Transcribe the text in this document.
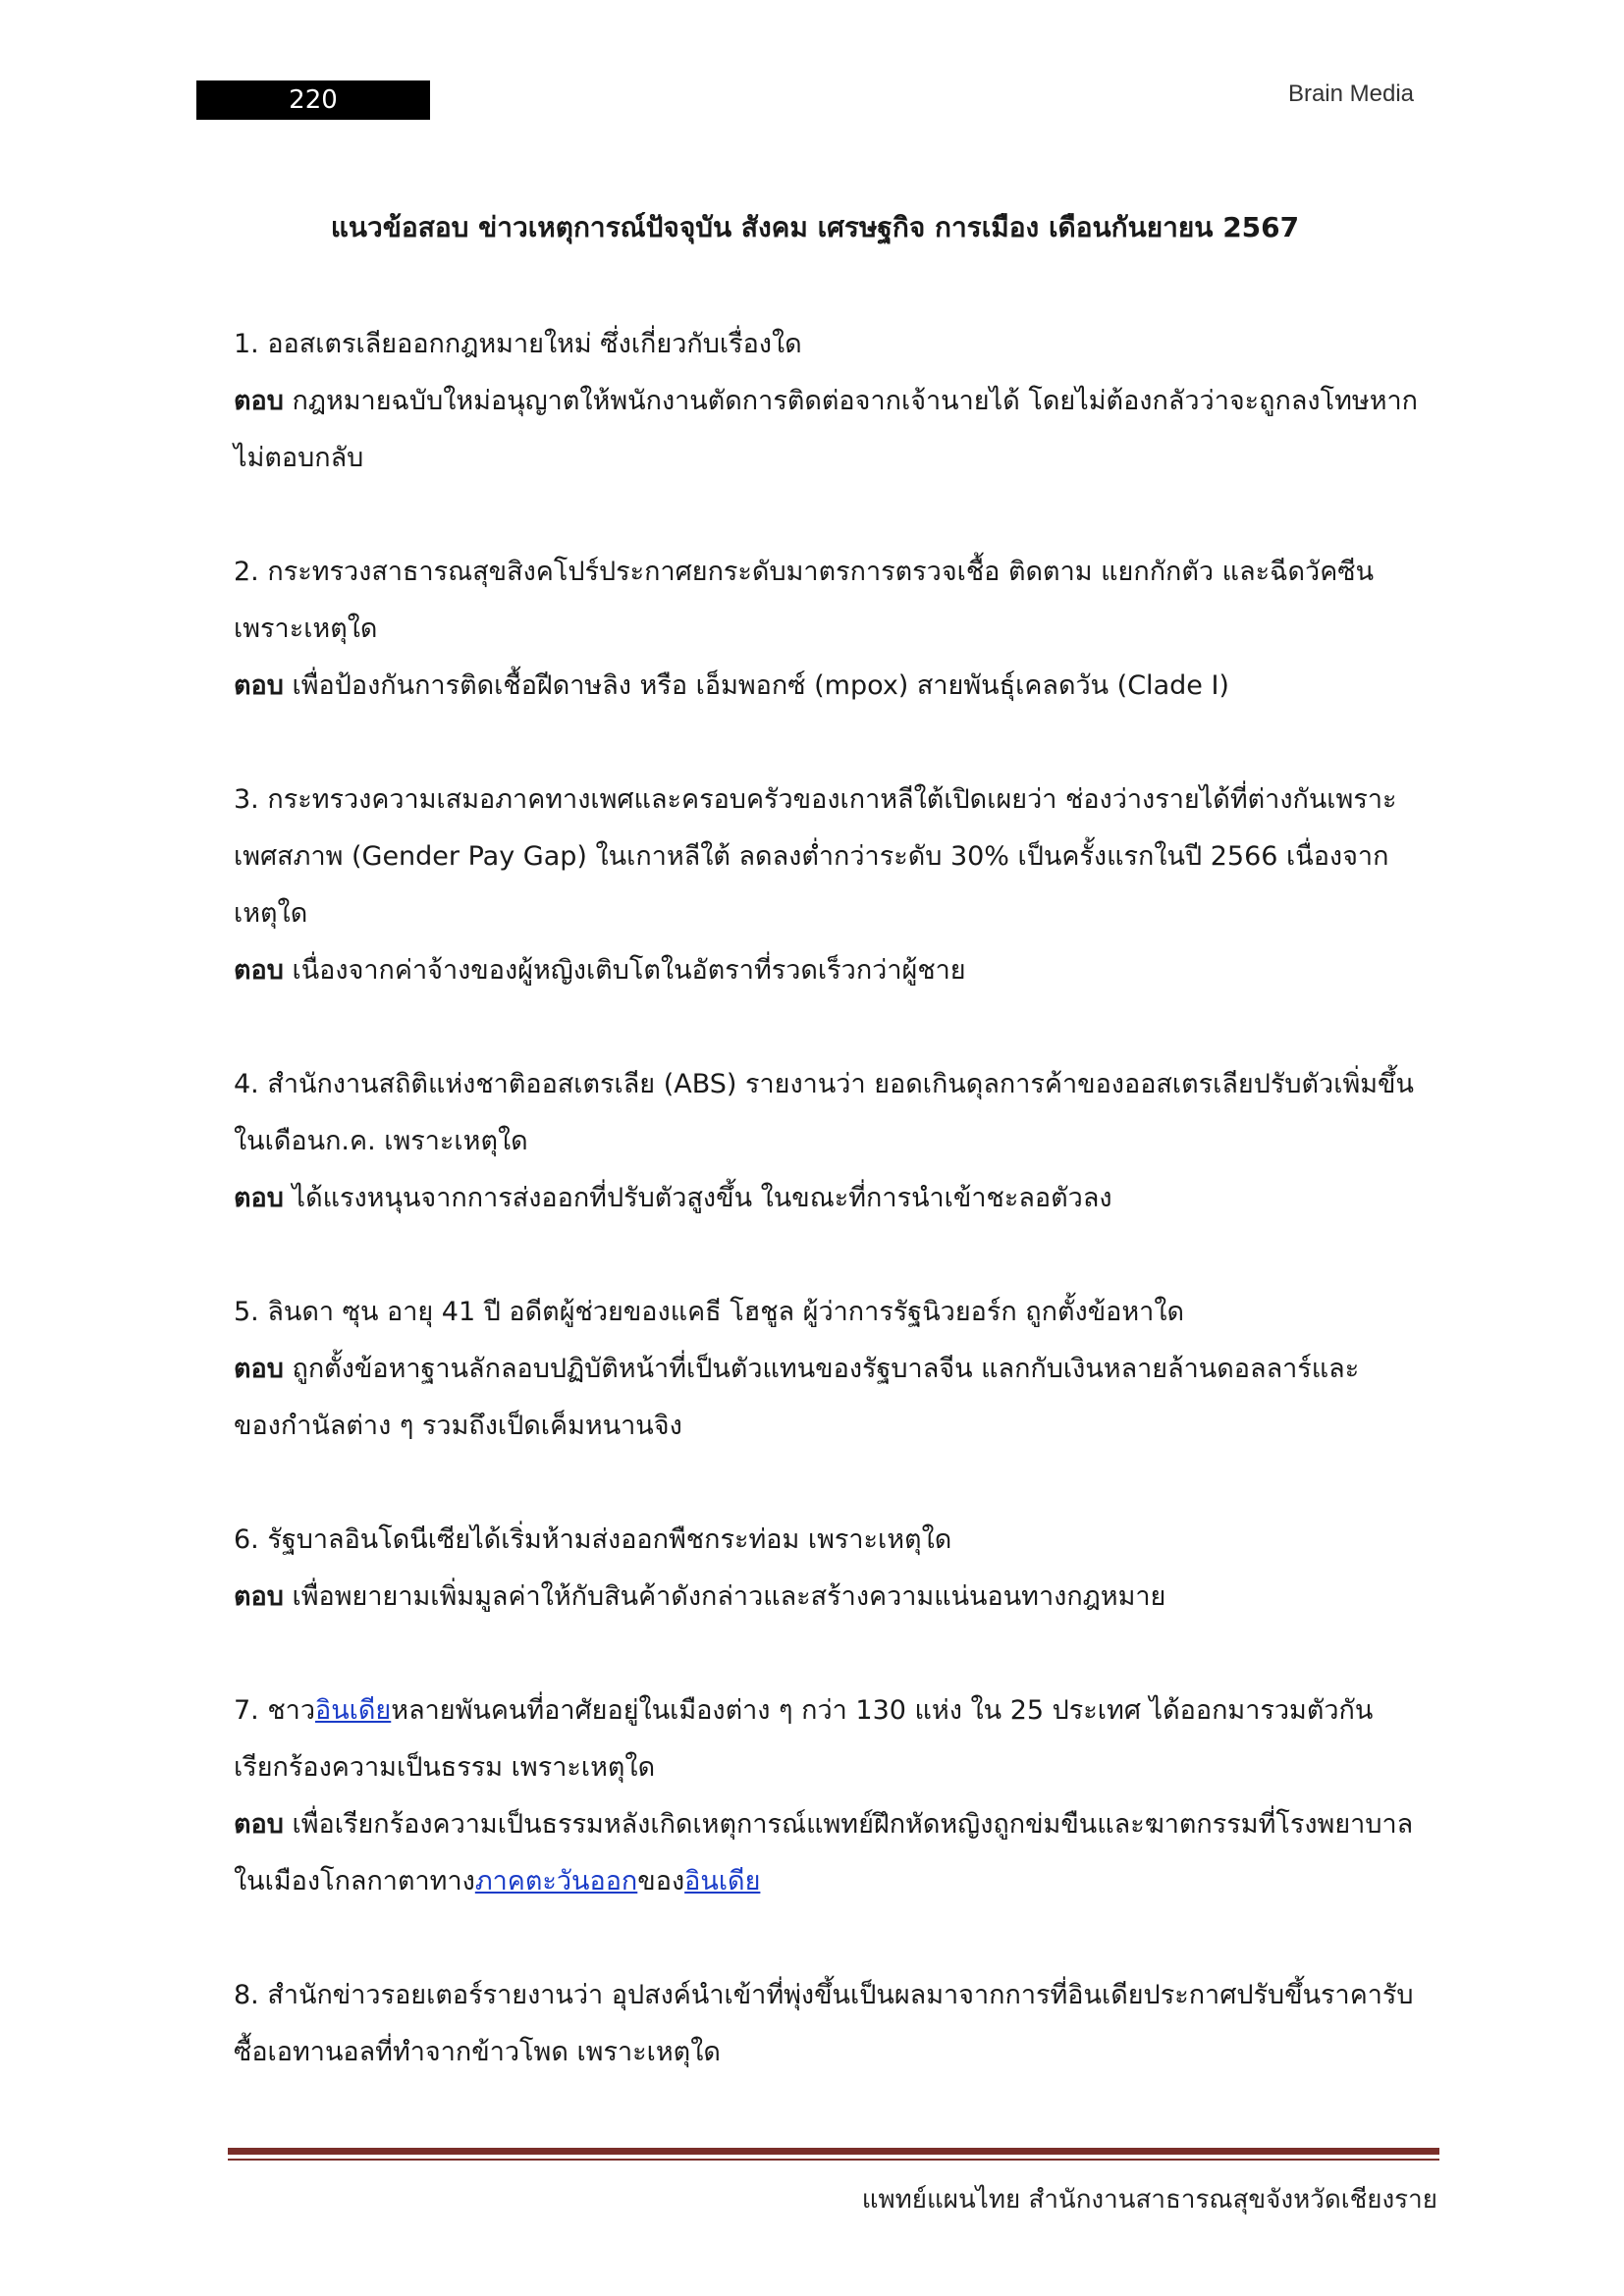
220	Brain Media
แนวข้อสอบ ข่าวเหตุการณ์ปัจจุบัน สังคม เศรษฐกิจ การเมือง เดือนกันยายน 2567

1. ออสเตรเลียออกกฎหมายใหม่ ซึ่งเกี่ยวกับเรื่องใด

ตอบ กฎหมายฉบับใหม่อนุญาตให้พนักงานตัดการติดต่อจากเจ้านายได้ โดยไม่ต้องกลัวว่าจะถูกลงโทษหาก

ไม่ตอบกลับ

2. กระทรวงสาธารณสุขสิงคโปร์ประกาศยกระดับมาตรการตรวจเชื้อ ติดตาม แยกกักตัว และฉีดวัคซีน

เพราะเหตุใด

ตอบ เพื่อป้องกันการติดเชื้อฝีดาษลิง หรือ เอ็มพอกซ์ (mpox) สายพันธุ์เคลดวัน (Clade I)

3. กระทรวงความเสมอภาคทางเพศและครอบครัวของเกาหลีใต้เปิดเผยว่า ช่องว่างรายได้ที่ต่างกันเพราะ

เพศสภาพ (Gender Pay Gap) ในเกาหลีใต้ ลดลงต่ำกว่าระดับ 30% เป็นครั้งแรกในปี 2566 เนื่องจาก

เหตุใด

ตอบ เนื่องจากค่าจ้างของผู้หญิงเติบโตในอัตราที่รวดเร็วกว่าผู้ชาย

4. สำนักงานสถิติแห่งชาติออสเตรเลีย (ABS) รายงานว่า ยอดเกินดุลการค้าของออสเตรเลียปรับตัวเพิ่มขึ้น

ในเดือนก.ค. เพราะเหตุใด

ตอบ ได้แรงหนุนจากการส่งออกที่ปรับตัวสูงขึ้น ในขณะที่การนำเข้าชะลอตัวลง

5. ลินดา ซุน อายุ 41 ปี อดีตผู้ช่วยของแคธี โฮชูล ผู้ว่าการรัฐนิวยอร์ก ถูกตั้งข้อหาใด

ตอบ ถูกตั้งข้อหาฐานลักลอบปฏิบัติหน้าที่เป็นตัวแทนของรัฐบาลจีน แลกกับเงินหลายล้านดอลลาร์และ

ของกำนัลต่าง ๆ รวมถึงเป็ดเค็มหนานจิง

6. รัฐบาลอินโดนีเซียได้เริ่มห้ามส่งออกพืชกระท่อม เพราะเหตุใด

ตอบ เพื่อพยายามเพิ่มมูลค่าให้กับสินค้าดังกล่าวและสร้างความแน่นอนทางกฎหมาย

7. ชาวอินเดียหลายพันคนที่อาศัยอยู่ในเมืองต่าง ๆ กว่า 130 แห่ง ใน 25 ประเทศ ได้ออกมารวมตัวกัน

เรียกร้องความเป็นธรรม เพราะเหตุใด

ตอบ เพื่อเรียกร้องความเป็นธรรมหลังเกิดเหตุการณ์แพทย์ฝึกหัดหญิงถูกข่มขืนและฆาตกรรมที่โรงพยาบาล

ในเมืองโกลกาตาทางภาคตะวันออกของอินเดีย

8. สำนักข่าวรอยเตอร์รายงานว่า อุปสงค์นำเข้าที่พุ่งขึ้นเป็นผลมาจากการที่อินเดียประกาศปรับขึ้นราคารับ

ซื้อเอทานอลที่ทำจากข้าวโพด เพราะเหตุใด

แพทย์แผนไทย สำนักงานสาธารณสุขจังหวัดเชียงราย
